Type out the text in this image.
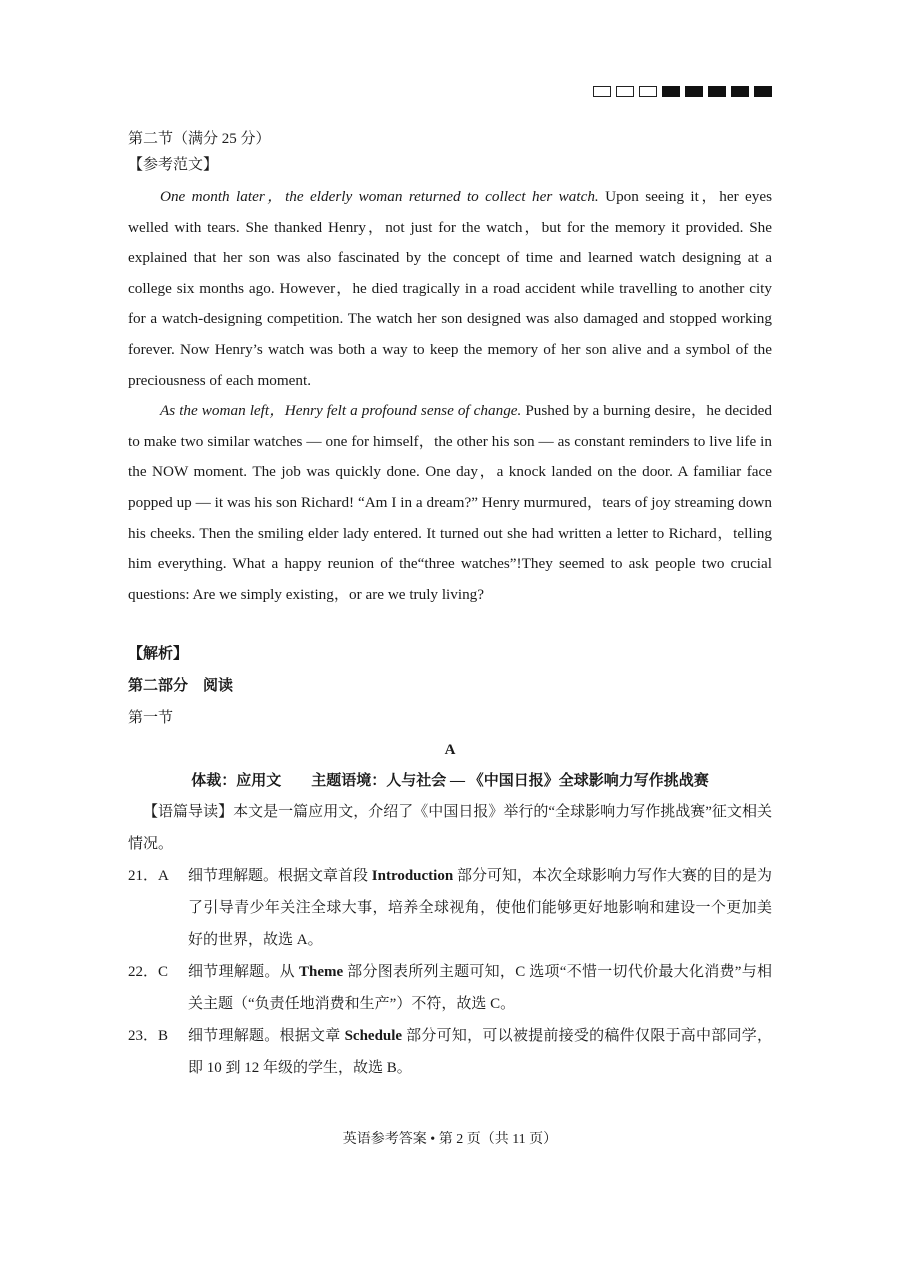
第二节（满分 25 分）

【参考范文】

One month later，the elderly woman returned to collect her watch. Upon seeing it，her eyes welled with tears. She thanked Henry，not just for the watch，but for the memory it provided. She explained that her son was also fascinated by the concept of time and learned watch designing at a college six months ago. However，he died tragically in a road accident while travelling to another city for a watch-designing competition. The watch her son designed was also damaged and stopped working forever. Now Henry’s watch was both a way to keep the memory of her son alive and a symbol of the preciousness of each moment.

As the woman left，Henry felt a profound sense of change. Pushed by a burning desire，he decided to make two similar watches — one for himself，the other his son — as constant reminders to live life in the NOW moment. The job was quickly done. One day，a knock landed on the door. A familiar face popped up — it was his son Richard! “Am I in a dream?” Henry murmured，tears of joy streaming down his cheeks. Then the smiling elder lady entered. It turned out she had written a letter to Richard，telling him everything. What a happy reunion of the“three watches”!They seemed to ask people two crucial questions: Are we simply existing，or are we truly living?

【解析】

第二部分　阅读

第一节

A

体裁：应用文 主题语境：人与社会 — 《中国日报》全球影响力写作挑战赛

【语篇导读】本文是一篇应用文，介绍了《中国日报》举行的“全球影响力写作挑战赛”征文相关情况。

21．A	细节理解题。根据文章首段 Introduction 部分可知，本次全球影响力写作大赛的目的是为了引导青少年关注全球大事，培养全球视角，使他们能够更好地影响和建设一个更加美好的世界，故选 A。
22．C	细节理解题。从 Theme 部分图表所列主题可知，C 选项“不惜一切代价最大化消费”与相关主题（“负责任地消费和生产”）不符，故选 C。
23．B	细节理解题。根据文章 Schedule 部分可知，可以被提前接受的稿件仅限于高中部同学，即 10 到 12 年级的学生，故选 B。
英语参考答案 • 第 2 页（共 11 页）
